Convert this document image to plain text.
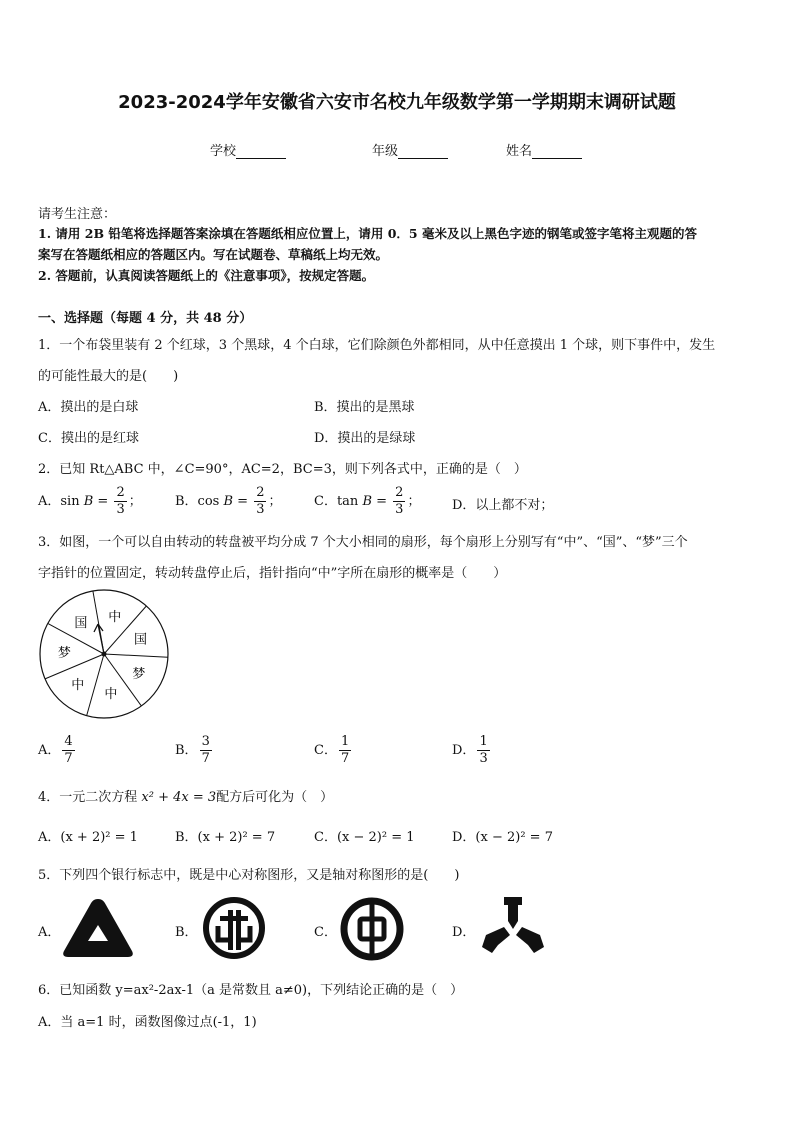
2023-2024学年安徽省六安市名校九年级数学第一学期期末调研试题
学校	年级	姓名
请考生注意：
1. 请用 2B 铅笔将选择题答案涂填在答题纸相应位置上，请用 0．5 毫米及以上黑色字迹的钢笔或签字笔将主观题的答
案写在答题纸相应的答题区内。写在试题卷、草稿纸上均无效。
2. 答题前，认真阅读答题纸上的《注意事项》，按规定答题。
一、选择题（每题 4 分，共 48 分）
1．一个布袋里装有 2 个红球，3 个黑球，4 个白球，它们除颜色外都相同，从中任意摸出 1 个球，则下事件中，发生
的可能性最大的是(　　)
A．摸出的是白球	B．摸出的是黑球
C．摸出的是红球	D．摸出的是绿球
2．已知 Rt△ABC 中，∠C=90°，AC=2，BC=3，则下列各式中，正确的是（　）
A．$\sin B = \frac{2}{3}$ ；	B．$\cos B = \frac{2}{3}$ ；	C．$\tan B = \frac{2}{3}$ ； D．以上都不对；
3．如图，一个可以自由转动的转盘被平均分成 7 个大小相同的扇形，每个扇形上分别写有“中”、“国”、“梦”三个
字指针的位置固定，转动转盘停止后，指针指向“中”字所在扇形的概率是（　　）
中
国
梦
中
中
梦
国
A． $\frac{4}{7}$	B． $\frac{3}{7}$	C． $\frac{1}{7}$	D． $\frac{1}{3}$
4．一元二次方程 x² + 4x = 3配方后可化为（　）
A．(x + 2)² = 1	B．(x + 2)² = 7	C．(x − 2)² = 1	D．(x − 2)² = 7
5．下列四个银行标志中，既是中心对称图形，又是轴对称图形的是(　　)
A．	B．	C．	D．
6．已知函数 y=ax²-2ax-1（a 是常数且 a≠0)，下列结论正确的是（　）
A．当 a=1 时，函数图像过点(-1，1)
